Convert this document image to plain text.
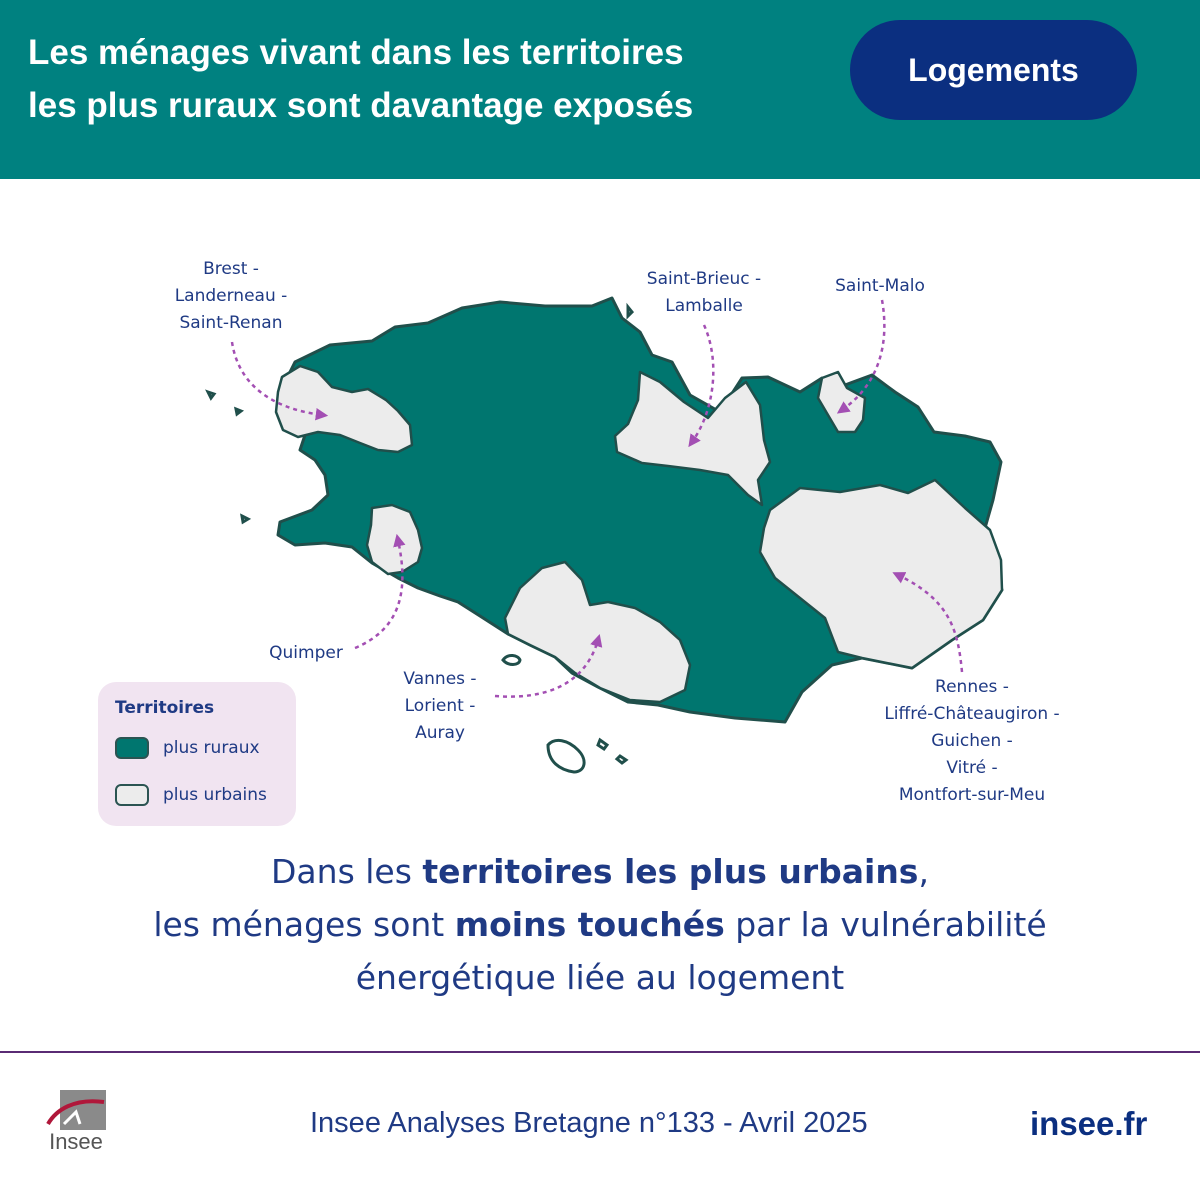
Les ménages vivant dans les territoires
les plus ruraux sont davantage exposés
Logements
Brest -
Landerneau -
Saint-Renan
Saint-Brieuc -
Lamballe
Saint-Malo
Quimper
Vannes -
Lorient -
Auray
Rennes -
Liffré-Châteaugiron -
Guichen -
Vitré -
Montfort-sur-Meu
Territoires
plus ruraux
plus urbains
Dans les territoires les plus urbains,
les ménages sont moins touchés par la vulnérabilité
énergétique liée au logement
Insee
Insee Analyses Bretagne n°133 - Avril 2025	insee.fr
